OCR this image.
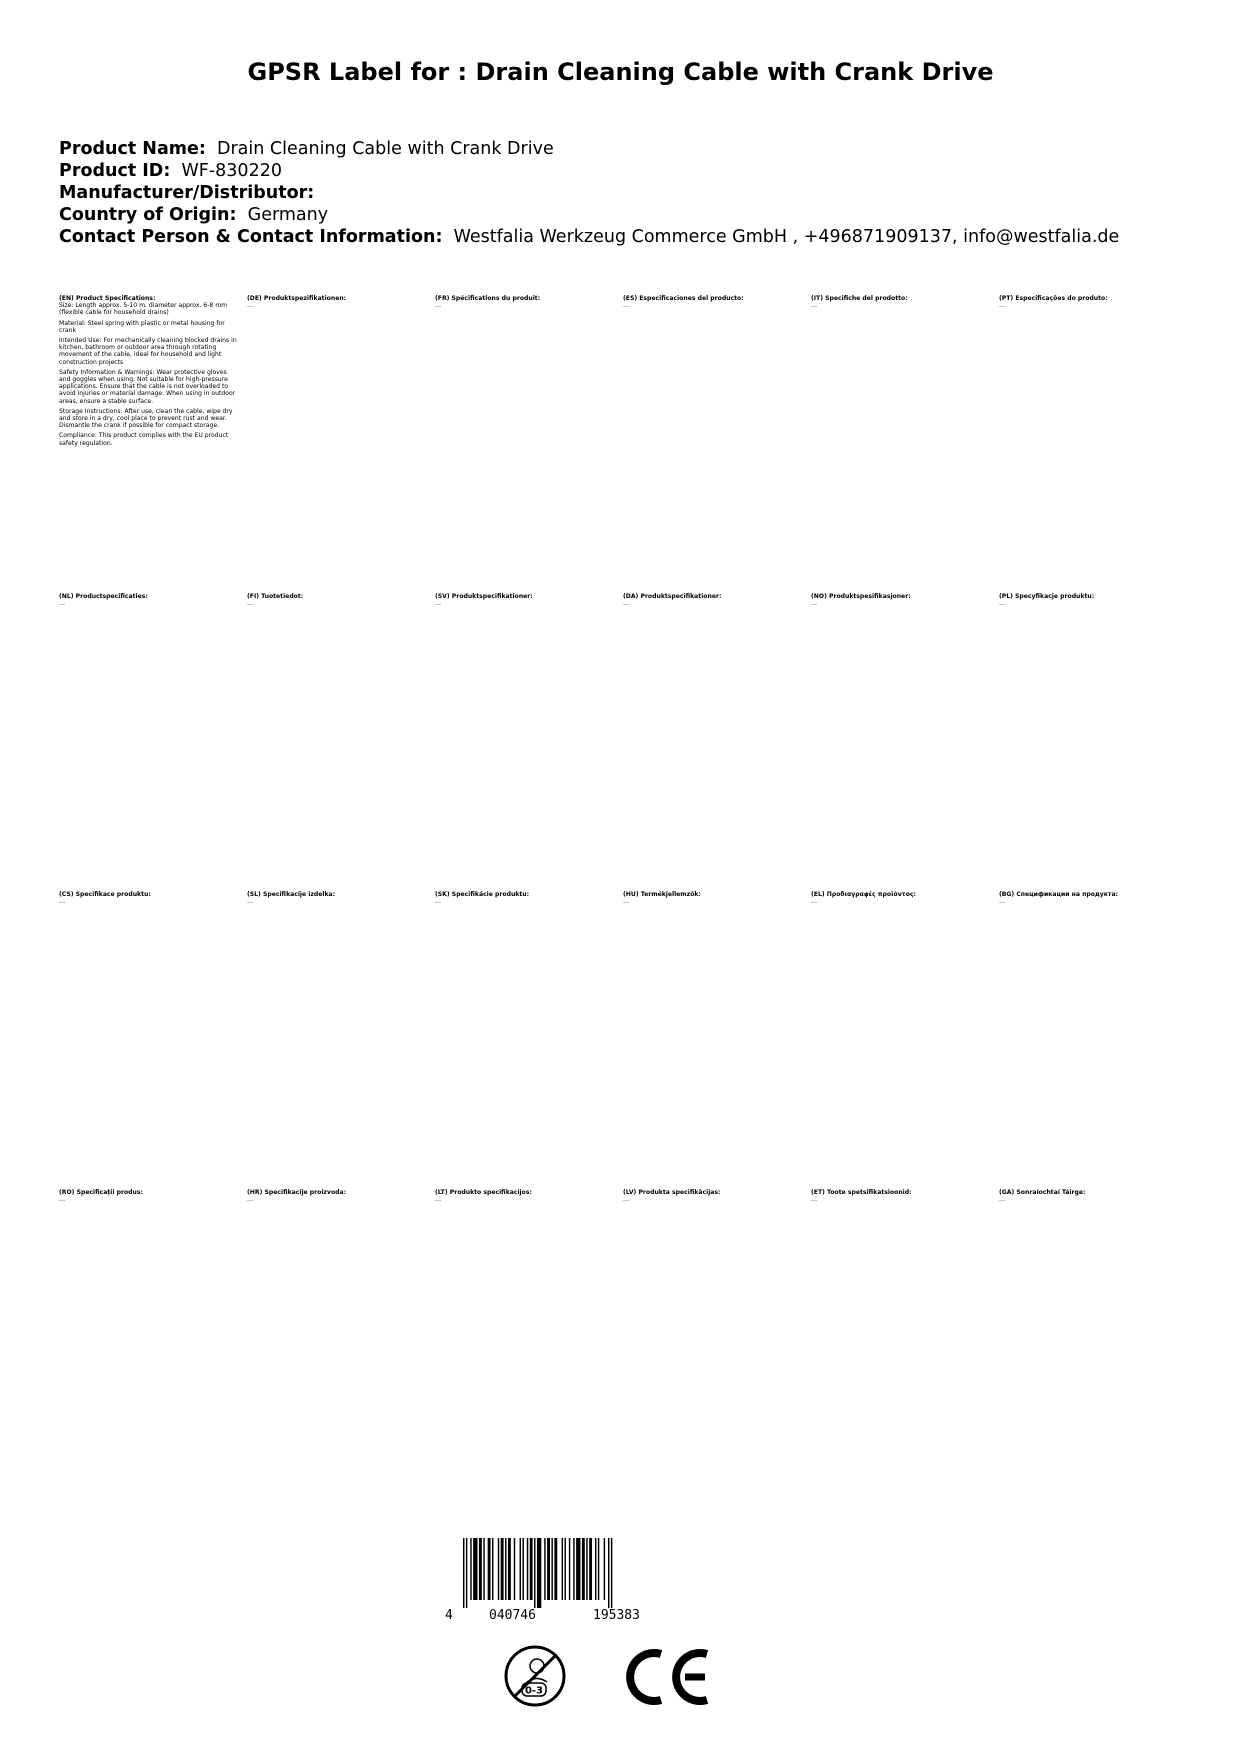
GPSR Label for : Drain Cleaning Cable with Crank Drive
Product Name: Drain Cleaning Cable with Crank Drive
Product ID: WF-830220
Manufacturer/Distributor:
Country of Origin: Germany
Contact Person & Contact Information: Westfalia Werkzeug Commerce GmbH , +496871909137, info@westfalia.de
(EN) Product Specifications:

Size: Length approx. 5-10 m, diameter approx. 6-8 mm (flexible cable for household drains)

Material: Steel spring with plastic or metal housing for crank

Intended Use: For mechanically cleaning blocked drains in kitchen, bathroom or outdoor area through rotating movement of the cable, ideal for household and light construction projects

Safety Information & Warnings: Wear protective gloves and goggles when using. Not suitable for high-pressure applications. Ensure that the cable is not overloaded to avoid injuries or material damage. When using in outdoor areas, ensure a stable surface.

Storage Instructions: After use, clean the cable, wipe dry and store in a dry, cool place to prevent rust and wear. Dismantle the crank if possible for compact storage.

Compliance: This product complies with the EU product safety regulation.

(DE) Produktspezifikationen:

…

(FR) Spécifications du produit:

…

(ES) Especificaciones del producto:

…

(IT) Specifiche del prodotto:

…

(PT) Especificações do produto:

…

(NL) Productspecificaties:

…

(FI) Tuotetiedot:

…

(SV) Produktspecifikationer:

…

(DA) Produktspecifikationer:

…

(NO) Produktspesifikasjoner:

…

(PL) Specyfikacje produktu:

…

(CS) Specifikace produktu:

…

(SL) Specifikacije izdelka:

…

(SK) Špecifikácie produktu:

…

(HU) Termékjellemzők:

…

(EL) Προδιαγραφές προϊόντος:

…

(BG) Спецификации на продукта:

…

(RO) Specificații produs:

…

(HR) Specifikacije proizvoda:

…

(LT) Produkto specifikacijos:

…

(LV) Produkta specifikācijas:

…

(ET) Toote spetsifikatsioonid:

…

(GA) Sonraíochtaí Táirge:

…

4	040746	195383
0-3
